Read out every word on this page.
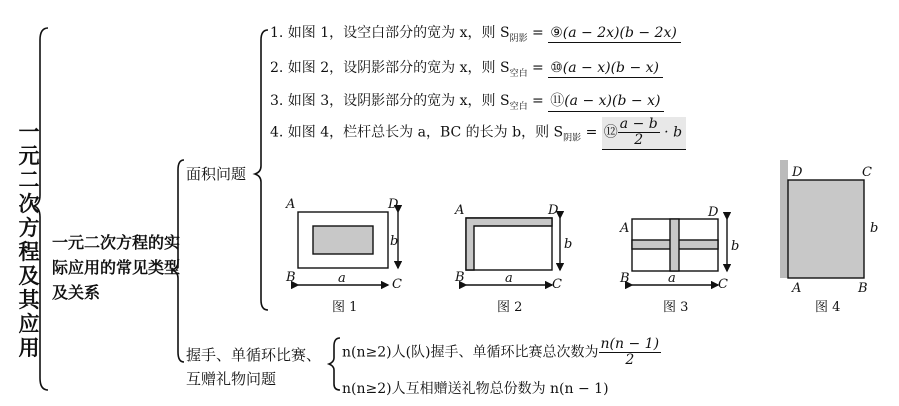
一元二次方程及其应用
一元二次方程的实际应用的常见类型及关系
面积问题
1. 如图 1，设空白部分的宽为 x，则 $S_{阴影}$ = ⑨(a − 2x)(b − 2x)
2. 如图 2，设阴影部分的宽为 x，则 $S_{空白}$ = ⑩(a − x)(b − x)
3. 如图 3，设阴影部分的宽为 x，则 $S_{空白}$ = ⑪(a − x)(b − x)
4. 如图 4，栏杆总长为 a，BC 的长为 b，则 $S_{阴影}$ = ⑫ $\frac{a - b}{2} \cdot b$
A	D
B	C
a
b
A	D
B	C
a
b
A
D
B	C
a
b
D	C
A	B
b
图 1	图 2	图 3	图 4
握手、单循环比赛、
互赠礼物问题
n(n≥2)人(队)握手、单循环比赛总次数为 $\frac{n(n - 1)}{2}$
n(n≥2)人互相赠送礼物总份数为 n(n − 1)
